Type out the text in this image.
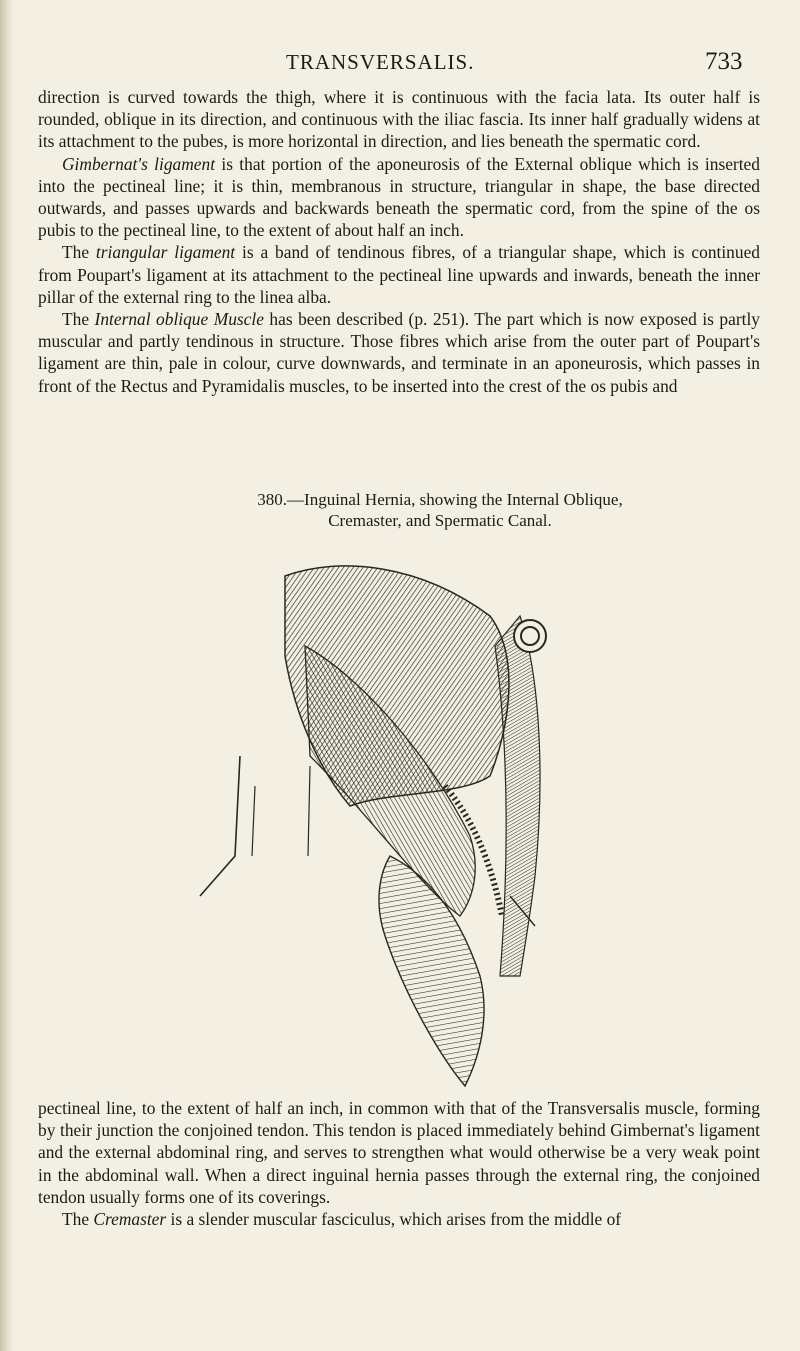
TRANSVERSALIS.	733

direction is curved towards the thigh, where it is continuous with the facia lata. Its outer half is rounded, oblique in its direction, and continuous with the iliac fascia. Its inner half gradually widens at its attachment to the pubes, is more horizontal in direction, and lies beneath the spermatic cord.

Gimbernat's ligament is that portion of the aponeurosis of the External oblique which is inserted into the pectineal line; it is thin, membranous in structure, triangular in shape, the base directed outwards, and passes upwards and backwards beneath the spermatic cord, from the spine of the os pubis to the pectineal line, to the extent of about half an inch.

The triangular ligament is a band of tendinous fibres, of a triangular shape, which is continued from Poupart's ligament at its attachment to the pectineal line upwards and inwards, beneath the inner pillar of the external ring to the linea alba.

The Internal oblique Muscle has been described (p. 251). The part which is now exposed is partly muscular and partly tendinous in structure. Those fibres which arise from the outer part of Poupart's ligament are thin, pale in colour, curve downwards, and terminate in an aponeurosis, which passes in front of the Rectus and Pyramidalis muscles, to be inserted into the crest of the os pubis and

380.—Inguinal Hernia, showing the Internal Oblique,
Cremaster, and Spermatic Canal.

pectineal line, to the extent of half an inch, in common with that of the Transversalis muscle, forming by their junction the conjoined tendon. This tendon is placed immediately behind Gimbernat's ligament and the external abdominal ring, and serves to strengthen what would otherwise be a very weak point in the abdominal wall. When a direct inguinal hernia passes through the external ring, the conjoined tendon usually forms one of its coverings.

The Cremaster is a slender muscular fasciculus, which arises from the middle of
